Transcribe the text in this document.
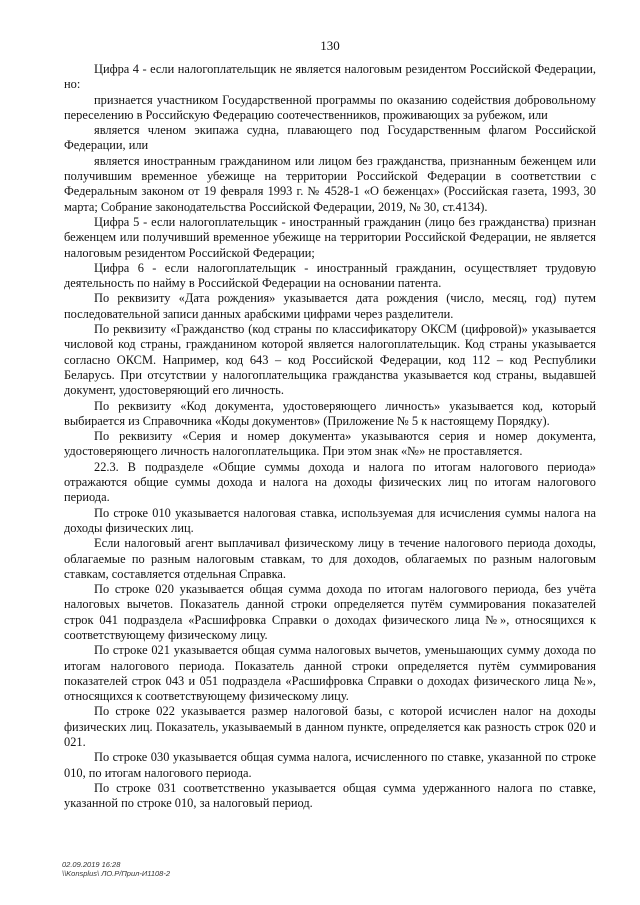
130

Цифра 4 - если налогоплательщик не является налоговым резидентом Российской Федерации, но:

признается участником Государственной программы по оказанию содействия добровольному переселению в Российскую Федерацию соотечественников, проживающих за рубежом, или

является членом экипажа судна, плавающего под Государственным флагом Российской Федерации, или

является иностранным гражданином или лицом без гражданства, признанным беженцем или получившим временное убежище на территории Российской Федерации в соответствии с Федеральным законом от 19 февраля 1993 г. № 4528-1 «О беженцах» (Российская газета, 1993, 30 марта; Собрание законодательства Российской Федерации, 2019, № 30, ст.4134).

Цифра 5 - если налогоплательщик - иностранный гражданин (лицо без гражданства) признан беженцем или получивший временное убежище на территории Российской Федерации, не является налоговым резидентом Российской Федерации;

Цифра 6 - если налогоплательщик - иностранный гражданин, осуществляет трудовую деятельность по найму в Российской Федерации на основании патента.

По реквизиту «Дата рождения» указывается дата рождения (число, месяц, год) путем последовательной записи данных арабскими цифрами через разделители.

По реквизиту «Гражданство (код страны по классификатору ОКСМ (цифровой)» указывается числовой код страны, гражданином которой является налогоплательщик. Код страны указывается согласно ОКСМ. Например, код 643 – код Российской Федерации, код 112 – код Республики Беларусь. При отсутствии у налогоплательщика гражданства указывается код страны, выдавшей документ, удостоверяющий его личность.

По реквизиту «Код документа, удостоверяющего личность» указывается код, который выбирается из Справочника «Коды документов» (Приложение № 5 к настоящему Порядку).

По реквизиту «Серия и номер документа» указываются серия и номер документа, удостоверяющего личность налогоплательщика. При этом знак «№» не проставляется.

22.3. В подразделе «Общие суммы дохода и налога по итогам налогового периода» отражаются общие суммы дохода и налога на доходы физических лиц по итогам налогового периода.

По строке 010 указывается налоговая ставка, используемая для исчисления суммы налога на доходы физических лиц.

Если налоговый агент выплачивал физическому лицу в течение налогового периода доходы, облагаемые по разным налоговым ставкам, то для доходов, облагаемых по разным налоговым ставкам, составляется отдельная Справка.

По строке 020 указывается общая сумма дохода по итогам налогового периода, без учёта налоговых вычетов. Показатель данной строки определяется путём суммирования показателей строк 041 подраздела «Расшифровка Справки о доходах физического лица №», относящихся к соответствующему физическому лицу.

По строке 021 указывается общая сумма налоговых вычетов, уменьшающих сумму дохода по итогам налогового периода. Показатель данной строки определяется путём суммирования показателей строк 043 и 051 подраздела «Расшифровка Справки о доходах физического лица №», относящихся к соответствующему физическому лицу.

По строке 022 указывается размер налоговой базы, с которой исчислен налог на доходы физических лиц. Показатель, указываемый в данном пункте, определяется как разность строк 020 и 021.

По строке 030 указывается общая сумма налога, исчисленного по ставке, указанной по строке 010, по итогам налогового периода.

По строке 031 соответственно указывается общая сумма удержанного налога по ставке, указанной по строке 010, за налоговый период.

02.09.2019 16:28
\\Konsplus\ ЛО.Р/Прил-И1108-2
